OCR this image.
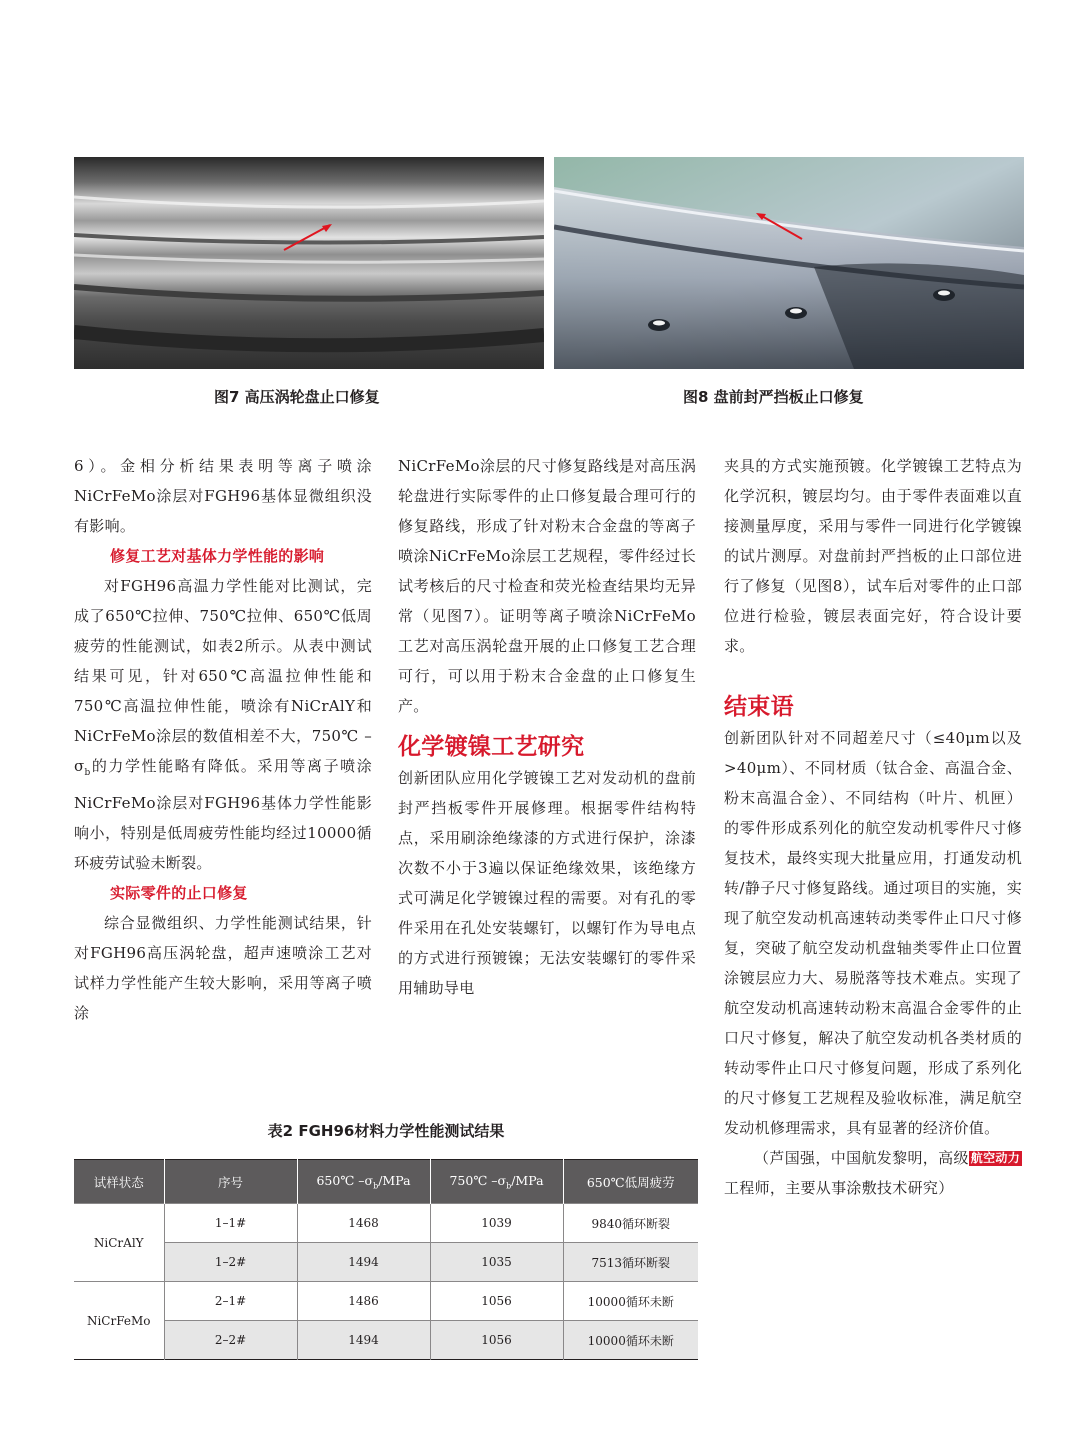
图7 高压涡轮盘止口修复	图8 盘前封严挡板止口修复

6）。金相分析结果表明等离子喷涂NiCrFeMo涂层对FGH96基体显微组织没有影响。

修复工艺对基体力学性能的影响

对FGH96高温力学性能对比测试，完成了650℃拉伸、750℃拉伸、650℃低周疲劳的性能测试，如表2所示。从表中测试结果可见，针对650℃高温拉伸性能和750℃高温拉伸性能，喷涂有NiCrAlY和NiCrFeMo涂层的数值相差不大，750℃ $-\sigma_b$的力学性能略有降低。采用等离子喷涂NiCrFeMo涂层对FGH96基体力学性能影响小，特别是低周疲劳性能均经过10000循环疲劳试验未断裂。

实际零件的止口修复

综合显微组织、力学性能测试结果，针对FGH96高压涡轮盘，超声速喷涂工艺对试样力学性能产生较大影响，采用等离子喷涂

NiCrFeMo涂层的尺寸修复路线是对高压涡轮盘进行实际零件的止口修复最合理可行的修复路线，形成了针对粉末合金盘的等离子喷涂NiCrFeMo涂层工艺规程，零件经过长试考核后的尺寸检查和荧光检查结果均无异常（见图7）。证明等离子喷涂NiCrFeMo工艺对高压涡轮盘开展的止口修复工艺合理可行，可以用于粉末合金盘的止口修复生产。

化学镀镍工艺研究

创新团队应用化学镀镍工艺对发动机的盘前封严挡板零件开展修理。根据零件结构特点，采用刷涂绝缘漆的方式进行保护，涂漆次数不小于3遍以保证绝缘效果，该绝缘方式可满足化学镀镍过程的需要。对有孔的零件采用在孔处安装螺钉，以螺钉作为导电点的方式进行预镀镍；无法安装螺钉的零件采用辅助导电

夹具的方式实施预镀。化学镀镍工艺特点为化学沉积，镀层均匀。由于零件表面难以直接测量厚度，采用与零件一同进行化学镀镍的试片测厚。对盘前封严挡板的止口部位进行了修复（见图8），试车后对零件的止口部位进行检验，镀层表面完好，符合设计要求。

结束语

创新团队针对不同超差尺寸（≤40μm以及>40μm）、不同材质（钛合金、高温合金、粉末高温合金）、不同结构（叶片、机匣）的零件形成系列化的航空发动机零件尺寸修复技术，最终实现大批量应用，打通发动机转/静子尺寸修复路线。通过项目的实施，实现了航空发动机高速转动类零件止口尺寸修复，突破了航空发动机盘轴类零件止口位置涂镀层应力大、易脱落等技术难点。实现了航空发动机高速转动粉末高温合金零件的止口尺寸修复，解决了航空发动机各类材质的转动零件止口尺寸修复问题，形成了系列化的尺寸修复工艺规程及验收标准，满足航空发动机修理需求，具有显著的经济价值。
航空动力

（芦国强，中国航发黎明，高级工程师，主要从事涂敷技术研究）

表2 FGH96材料力学性能测试结果
试样状态	序号	650℃ $-\sigma_b$/MPa	750℃ $-\sigma_b$/MPa	650℃低周疲劳
NiCrAlY	1–1#	1468	1039	9840循环断裂
	1–2#	1494	1035	7513循环断裂
NiCrFeMo	2–1#	1486	1056	10000循环未断
	2–2#	1494	1056	10000循环未断
